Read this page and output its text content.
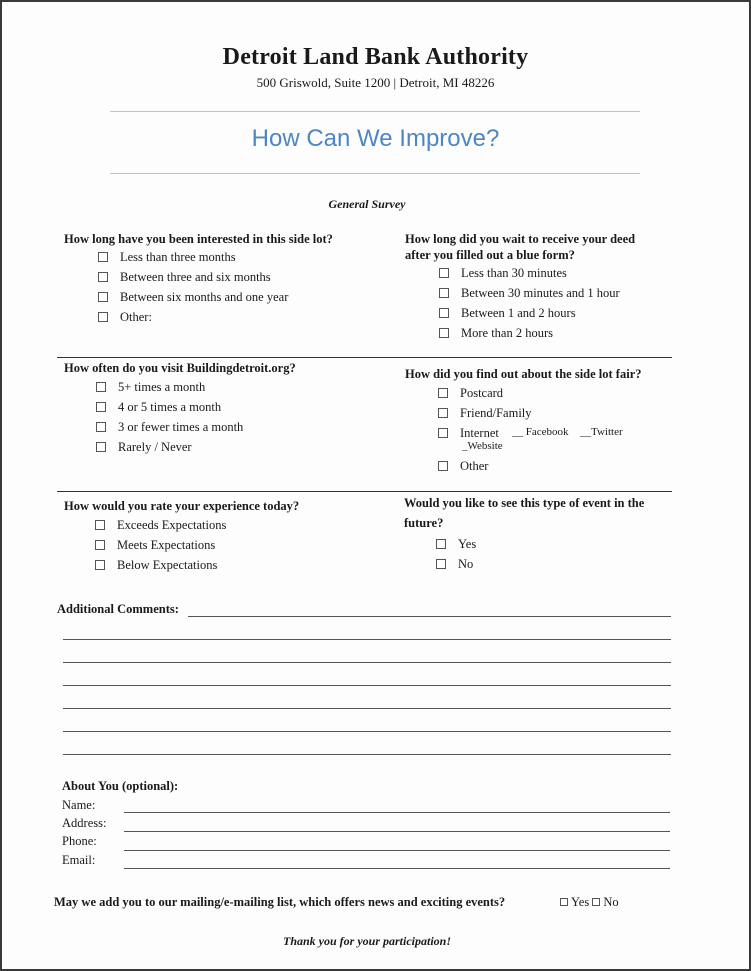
Detroit Land Bank Authority
500 Griswold, Suite 1200 | Detroit, MI 48226
How Can We Improve?
General Survey
How long have you been interested in this side lot?
Less than three months
Between three and six months
Between six months and one year
Other:
How long did you wait to receive your deed
after you filled out a blue form?
Less than 30 minutes
Between 30 minutes and 1 hour
Between 1 and 2 hours
More than 2 hours
How often do you visit Buildingdetroit.org?
5+ times a month
4 or 5 times a month
3 or fewer times a month
Rarely / Never
How did you find out about the side lot fair?
Postcard
Friend/Family
Internet __ Facebook __Twitter
_Website
Other
How would you rate your experience today?
Exceeds Expectations
Meets Expectations
Below Expectations
Would you like to see this type of event in the
future?
Yes
No
Additional Comments:
About You (optional):
Name:
Address:
Phone:
Email:
May we add you to our mailing/e-mailing list, which offers news and exciting events?	Yes No
Thank you for your participation!
